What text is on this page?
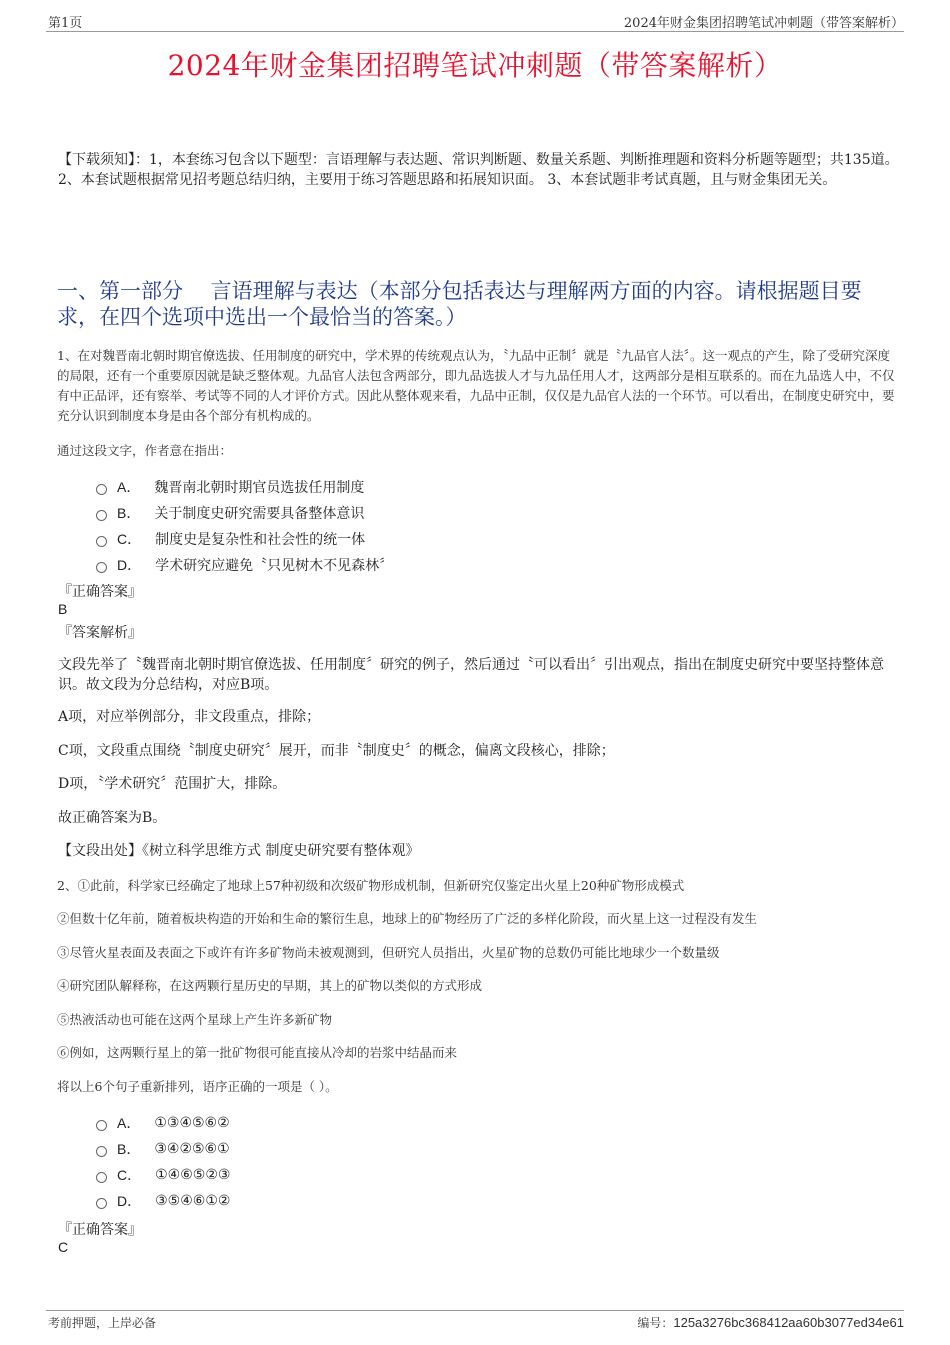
第1页	2024年财金集团招聘笔试冲刺题（带答案解析）
2024年财金集团招聘笔试冲刺题（带答案解析）
【下载须知】：1，本套练习包含以下题型：言语理解与表达题、常识判断题、数量关系题、判断推理题和资料分析题等题型；共135道。 2、本套试题根据常见招考题总结归纳，主要用于练习答题思路和拓展知识面。 3、本套试题非考试真题，且与财金集团无关。
一、第一部分　 言语理解与表达（本部分包括表达与理解两方面的内容。请根据题目要求，在四个选项中选出一个最恰当的答案。）
1、在对魏晋南北朝时期官僚选拔、任用制度的研究中，学术界的传统观点认为，〝九品中正制〞就是〝九品官人法〞。这一观点的产生，除了受研究深度的局限，还有一个重要原因就是缺乏整体观。九品官人法包含两部分，即九品选拔人才与九品任用人才，这两部分是相互联系的。而在九品选人中，不仅有中正品评，还有察举、考试等不同的人才评价方式。因此从整体观来看，九品中正制，仅仅是九品官人法的一个环节。可以看出，在制度史研究中，要充分认识到制度本身是由各个部分有机构成的。
通过这段文字，作者意在指出：
A． 魏晋南北朝时期官员选拔任用制度
B． 关于制度史研究需要具备整体意识
C． 制度史是复杂性和社会性的统一体
D． 学术研究应避免〝只见树木不见森林〞
『正确答案』
B
『答案解析』
文段先举了〝魏晋南北朝时期官僚选拔、任用制度〞研究的例子，然后通过〝可以看出〞引出观点，指出在制度史研究中要坚持整体意识。故文段为分总结构，对应B项。
A项，对应举例部分，非文段重点，排除；
C项，文段重点围绕〝制度史研究〞展开，而非〝制度史〞的概念，偏离文段核心，排除；
D项，〝学术研究〞范围扩大，排除。
故正确答案为B。
【文段出处】《树立科学思维方式 制度史研究要有整体观》
2、①此前，科学家已经确定了地球上57种初级和次级矿物形成机制，但新研究仅鉴定出火星上20种矿物形成模式
②但数十亿年前，随着板块构造的开始和生命的繁衍生息，地球上的矿物经历了广泛的多样化阶段，而火星上这一过程没有发生
③尽管火星表面及表面之下或许有许多矿物尚未被观测到，但研究人员指出，火星矿物的总数仍可能比地球少一个数量级
④研究团队解释称，在这两颗行星历史的早期，其上的矿物以类似的方式形成
⑤热液活动也可能在这两个星球上产生许多新矿物
⑥例如，这两颗行星上的第一批矿物很可能直接从冷却的岩浆中结晶而来
将以上6个句子重新排列，语序正确的一项是（ ）。
A． ①③④⑤⑥②
B． ③④②⑤⑥①
C． ①④⑥⑤②③
D． ③⑤④⑥①②
『正确答案』
C
考前押题，上岸必备	编号：125a3276bc368412aa60b3077ed34e61
